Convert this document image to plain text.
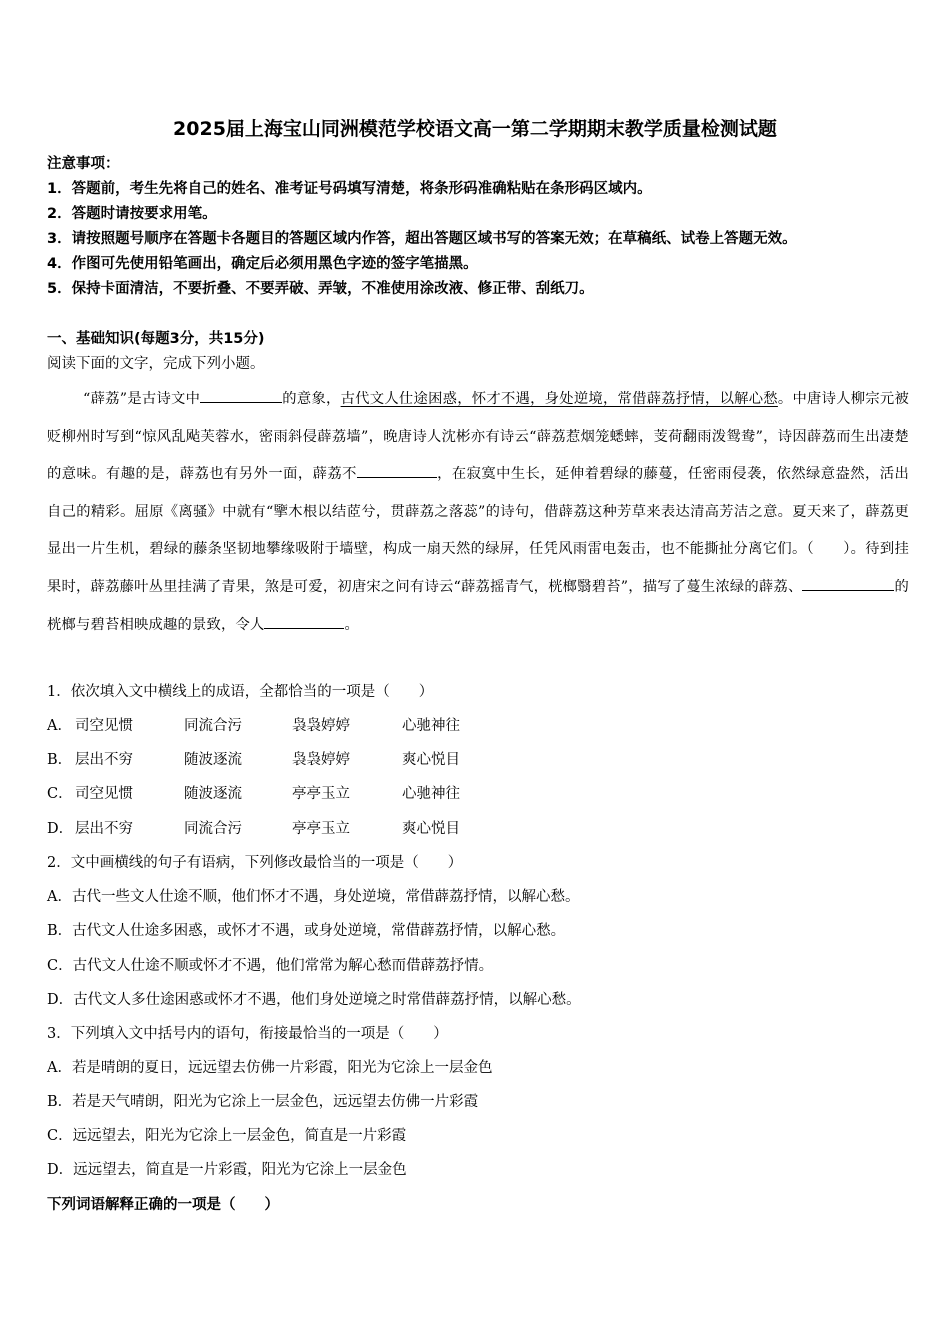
2025届上海宝山同洲模范学校语文高一第二学期期末教学质量检测试题
注意事项：
1．答题前，考生先将自己的姓名、准考证号码填写清楚，将条形码准确粘贴在条形码区域内。
2．答题时请按要求用笔。
3．请按照题号顺序在答题卡各题目的答题区域内作答，超出答题区域书写的答案无效；在草稿纸、试卷上答题无效。
4．作图可先使用铅笔画出，确定后必须用黑色字迹的签字笔描黑。
5．保持卡面清洁，不要折叠、不要弄破、弄皱，不准使用涂改液、修正带、刮纸刀。
一、基础知识(每题3分，共15分)
阅读下面的文字，完成下列小题。
“薜荔”是古诗文中	的意象，古代文人仕途困惑，怀才不遇，身处逆境，常借薜荔抒情，以解心愁。中唐诗人柳宗元被贬柳州时写到“惊风乱飐芙蓉水，密雨斜侵薜荔墙”，晚唐诗人沈彬亦有诗云“薜荔惹烟笼蟋蟀，芰荷翻雨泼鸳鸯”，诗因薜荔而生出凄楚的意味。有趣的是，薜荔也有另外一面，薜荔不	，在寂寞中生长，延伸着碧绿的藤蔓，任密雨侵袭，依然绿意盎然，活出自己的精彩。屈原《离骚》中就有“擥木根以结茝兮，贯薜荔之落蕊”的诗句，借薜荔这种芳草来表达清高芳洁之意。夏天来了，薜荔更显出一片生机，碧绿的藤条坚韧地攀缘吸附于墙壁，构成一扇天然的绿屏，任凭风雨雷电轰击，也不能撕扯分离它们。（　　）。待到挂果时，薜荔藤叶丛里挂满了青果，煞是可爱，初唐宋之问有诗云“薜荔摇青气，桄榔翳碧苔”，描写了蔓生浓绿的薜荔、	的桄榔与碧苔相映成趣的景致，令人	。
1．依次填入文中横线上的成语，全都恰当的一项是（　　）
A． 司空见惯	同流合污	袅袅婷婷	心驰神往
B． 层出不穷	随波逐流	袅袅婷婷	爽心悦目
C． 司空见惯	随波逐流	亭亭玉立	心驰神往
D． 层出不穷	同流合污	亭亭玉立	爽心悦目
2．文中画横线的句子有语病，下列修改最恰当的一项是（　　）
A．古代一些文人仕途不顺，他们怀才不遇，身处逆境，常借薜荔抒情，以解心愁。
B．古代文人仕途多困惑，或怀才不遇，或身处逆境，常借薜荔抒情，以解心愁。
C．古代文人仕途不顺或怀才不遇，他们常常为解心愁而借薜荔抒情。
D．古代文人多仕途困惑或怀才不遇，他们身处逆境之时常借薜荔抒情，以解心愁。
3．下列填入文中括号内的语句，衔接最恰当的一项是（　　）
A．若是晴朗的夏日，远远望去仿佛一片彩霞，阳光为它涂上一层金色
B．若是天气晴朗，阳光为它涂上一层金色，远远望去仿佛一片彩霞
C．远远望去，阳光为它涂上一层金色，简直是一片彩霞
D．远远望去，简直是一片彩霞，阳光为它涂上一层金色
下列词语解释正确的一项是（　　）
